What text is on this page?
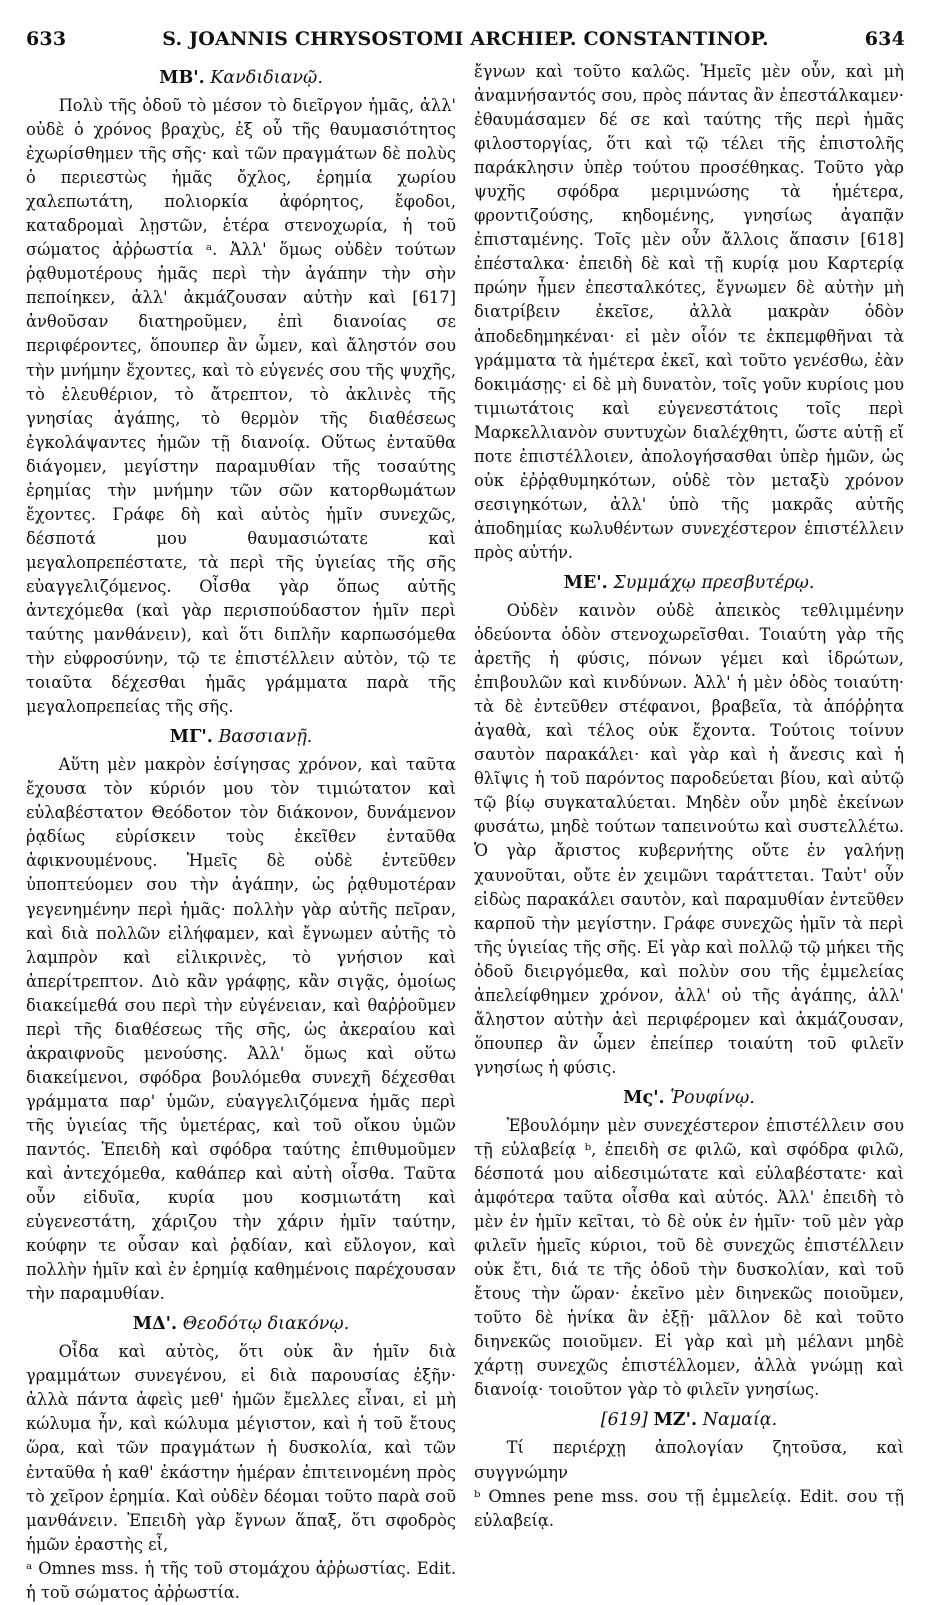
633	S. JOANNIS CHRYSOSTOMI ARCHIEP. CONSTANTINOP.	634
ΜΒ'. Κανδιδιανῷ.

Πολὺ τῆς ὁδοῦ τὸ μέσον τὸ διεῖργον ἡμᾶς, ἀλλ' οὐδὲ ὁ χρόνος βραχὺς, ἐξ οὗ τῆς θαυμασιότητος ἐχωρίσθημεν τῆς σῆς· καὶ τῶν πραγμάτων δὲ πολὺς ὁ περιεστὼς ἡμᾶς ὄχλος, ἐρημία χωρίου χαλεπωτάτη, πολιορκία ἀφόρητος, ἔφοδοι, καταδρομαὶ λῃστῶν, ἑτέρα στενοχωρία, ἡ τοῦ σώματος ἀῤῥωστία ᵃ. Ἀλλ' ὅμως οὐδὲν τούτων ῥᾳθυμοτέρους ἡμᾶς περὶ τὴν ἀγάπην τὴν σὴν πεποίηκεν, ἀλλ' ἀκμάζουσαν αὐτὴν καὶ [617] ἀνθοῦσαν διατηροῦμεν, ἐπὶ διανοίας σε περιφέροντες, ὅπουπερ ἂν ὦμεν, καὶ ἄληστόν σου τὴν μνήμην ἔχοντες, καὶ τὸ εὐγενές σου τῆς ψυχῆς, τὸ ἐλευθέριον, τὸ ἄτρεπτον, τὸ ἀκλινὲς τῆς γνησίας ἀγάπης, τὸ θερμὸν τῆς διαθέσεως ἐγκολάψαντες ἡμῶν τῇ διανοίᾳ. Οὕτως ἐνταῦθα διάγομεν, μεγίστην παραμυθίαν τῆς τοσαύτης ἐρημίας τὴν μνήμην τῶν σῶν κατορθωμάτων ἔχοντες. Γράφε δὴ καὶ αὐτὸς ἡμῖν συνεχῶς, δέσποτά μου θαυμασιώτατε καὶ μεγαλοπρεπέστατε, τὰ περὶ τῆς ὑγιείας τῆς σῆς εὐαγγελιζόμενος. Οἶσθα γὰρ ὅπως αὐτῆς ἀντεχόμεθα (καὶ γὰρ περισπούδαστον ἡμῖν περὶ ταύτης μανθάνειν), καὶ ὅτι διπλῆν καρπωσόμεθα τὴν εὐφροσύνην, τῷ τε ἐπιστέλλειν αὐτὸν, τῷ τε τοιαῦτα δέχεσθαι ἡμᾶς γράμματα παρὰ τῆς μεγαλοπρεπείας τῆς σῆς.

ΜΓ'. Βασσιανῇ.

Αὕτη μὲν μακρὸν ἐσίγησας χρόνον, καὶ ταῦτα ἔχουσα τὸν κύριόν μου τὸν τιμιώτατον καὶ εὐλαβέστατον Θεόδοτον τὸν διάκονον, δυνάμενον ῥᾳδίως εὑρίσκειν τοὺς ἐκεῖθεν ἐνταῦθα ἀφικνουμένους. Ἡμεῖς δὲ οὐδὲ ἐντεῦθεν ὑποπτεύομεν σου τὴν ἀγάπην, ὡς ῥᾳθυμοτέραν γεγενημένην περὶ ἡμᾶς· πολλὴν γὰρ αὐτῆς πεῖραν, καὶ διὰ πολλῶν εἰλήφαμεν, καὶ ἔγνωμεν αὐτῆς τὸ λαμπρὸν καὶ εἰλικρινὲς, τὸ γνήσιον καὶ ἀπερίτρεπτον. Διὸ κἂν γράφῃς, κἂν σιγᾷς, ὁμοίως διακείμεθά σου περὶ τὴν εὐγένειαν, καὶ θαῤῥοῦμεν περὶ τῆς διαθέσεως τῆς σῆς, ὡς ἀκεραίου καὶ ἀκραιφνοῦς μενούσης. Ἀλλ' ὅμως καὶ οὕτω διακείμενοι, σφόδρα βουλόμεθα συνεχῆ δέχεσθαι γράμματα παρ' ὑμῶν, εὐαγγελιζόμενα ἡμᾶς περὶ τῆς ὑγιείας τῆς ὑμετέρας, καὶ τοῦ οἴκου ὑμῶν παντός. Ἐπειδὴ καὶ σφόδρα ταύτης ἐπιθυμοῦμεν καὶ ἀντεχόμεθα, καθάπερ καὶ αὐτὴ οἶσθα. Ταῦτα οὖν εἰδυῖα, κυρία μου κοσμιωτάτη καὶ εὐγενεστάτη, χάριζου τὴν χάριν ἡμῖν ταύτην, κούφην τε οὖσαν καὶ ῥᾳδίαν, καὶ εὔλογον, καὶ πολλὴν ἡμῖν καὶ ἐν ἐρημίᾳ καθημένοις παρέχουσαν τὴν παραμυθίαν.

ΜΔ'. Θεοδότῳ διακόνῳ.

Οἶδα καὶ αὐτὸς, ὅτι οὐκ ἂν ἡμῖν διὰ γραμμάτων συνεγένου, εἰ διὰ παρουσίας ἐξῆν· ἀλλὰ πάντα ἀφεὶς μεθ' ἡμῶν ἔμελλες εἶναι, εἰ μὴ κώλυμα ἦν, καὶ κώλυμα μέγιστον, καὶ ἡ τοῦ ἔτους ὥρα, καὶ τῶν πραγμάτων ἡ δυσκολία, καὶ τῶν ἐνταῦθα ἡ καθ' ἑκάστην ἡμέραν ἐπιτεινομένη πρὸς τὸ χεῖρον ἐρημία. Καὶ οὐδὲν δέομαι τοῦτο παρὰ σοῦ μανθάνειν. Ἐπειδὴ γὰρ ἔγνων ἅπαξ, ὅτι σφοδρὸς ἡμῶν ἐραστὴς εἶ,

ᵃ Omnes mss. ἡ τῆς τοῦ στομάχου ἀῤῥωστίας. Edit. ἡ τοῦ σώματος ἀῤῥωστία.

ἔγνων καὶ τοῦτο καλῶς. Ἡμεῖς μὲν οὖν, καὶ μὴ ἀναμνήσαντός σου, πρὸς πάντας ἂν ἐπεστάλκαμεν· ἐθαυμάσαμεν δέ σε καὶ ταύτης τῆς περὶ ἡμᾶς φιλοστοργίας, ὅτι καὶ τῷ τέλει τῆς ἐπιστολῆς παράκλησιν ὑπὲρ τούτου προσέθηκας. Τοῦτο γὰρ ψυχῆς σφόδρα μεριμνώσης τὰ ἡμέτερα, φροντιζούσης, κηδομένης, γνησίως ἀγαπᾷν ἐπισταμένης. Τοῖς μὲν οὖν ἄλλοις ἅπασιν [618] ἐπέσταλκα· ἐπειδὴ δὲ καὶ τῇ κυρίᾳ μου Καρτερίᾳ πρώην ἦμεν ἐπεσταλκότες, ἔγνωμεν δὲ αὐτὴν μὴ διατρίβειν ἐκεῖσε, ἀλλὰ μακρὰν ὁδὸν ἀποδεδημηκέναι· εἰ μὲν οἷόν τε ἐκπεμφθῆναι τὰ γράμματα τὰ ἡμέτερα ἐκεῖ, καὶ τοῦτο γενέσθω, ἐὰν δοκιμάσῃς· εἰ δὲ μὴ δυνατὸν, τοῖς γοῦν κυρίοις μου τιμιωτάτοις καὶ εὐγενεστάτοις τοῖς περὶ Μαρκελλιανὸν συντυχὼν διαλέχθητι, ὥστε αὐτῇ εἴ ποτε ἐπιστέλλοιεν, ἀπολογήσασθαι ὑπὲρ ἡμῶν, ὡς οὐκ ἐῤῥᾳθυμηκότων, οὐδὲ τὸν μεταξὺ χρόνον σεσιγηκότων, ἀλλ' ὑπὸ τῆς μακρᾶς αὐτῆς ἀποδημίας κωλυθέντων συνεχέστερον ἐπιστέλλειν πρὸς αὐτήν.

ΜΕ'. Συμμάχῳ πρεσβυτέρῳ.

Οὐδὲν καινὸν οὐδὲ ἀπεικὸς τεθλιμμένην ὁδεύοντα ὁδὸν στενοχωρεῖσθαι. Τοιαύτη γὰρ τῆς ἀρετῆς ἡ φύσις, πόνων γέμει καὶ ἱδρώτων, ἐπιβουλῶν καὶ κινδύνων. Ἀλλ' ἡ μὲν ὁδὸς τοιαύτη· τὰ δὲ ἐντεῦθεν στέφανοι, βραβεῖα, τὰ ἀπόῤῥητα ἀγαθὰ, καὶ τέλος οὐκ ἔχοντα. Τούτοις τοίνυν σαυτὸν παρακάλει· καὶ γὰρ καὶ ἡ ἄνεσις καὶ ἡ θλῖψις ἡ τοῦ παρόντος παροδεύεται βίου, καὶ αὐτῷ τῷ βίῳ συγκαταλύεται. Μηδὲν οὖν μηδὲ ἐκείνων φυσάτω, μηδὲ τούτων ταπεινούτω καὶ συστελλέτω. Ὁ γὰρ ἄριστος κυβερνήτης οὔτε ἐν γαλήνῃ χαυνοῦται, οὔτε ἐν χειμῶνι ταράττεται. Ταὐτ' οὖν εἰδὼς παρακάλει σαυτὸν, καὶ παραμυθίαν ἐντεῦθεν καρποῦ τὴν μεγίστην. Γράφε συνεχῶς ἡμῖν τὰ περὶ τῆς ὑγιείας τῆς σῆς. Εἰ γὰρ καὶ πολλῷ τῷ μήκει τῆς ὁδοῦ διειργόμεθα, καὶ πολὺν σου τῆς ἐμμελείας ἀπελείφθημεν χρόνον, ἀλλ' οὐ τῆς ἀγάπης, ἀλλ' ἄληστον αὐτὴν ἀεὶ περιφέρομεν καὶ ἀκμάζουσαν, ὅπουπερ ἂν ὦμεν ἐπείπερ τοιαύτη τοῦ φιλεῖν γνησίως ἡ φύσις.

Μς'. Ῥουφίνῳ.

Ἐβουλόμην μὲν συνεχέστερον ἐπιστέλλειν σου τῇ εὐλαβείᾳ ᵇ, ἐπειδὴ σε φιλῶ, καὶ σφόδρα φιλῶ, δέσποτά μου αἰδεσιμώτατε καὶ εὐλαβέστατε· καὶ ἀμφότερα ταῦτα οἶσθα καὶ αὐτός. Ἀλλ' ἐπειδὴ τὸ μὲν ἐν ἡμῖν κεῖται, τὸ δὲ οὐκ ἐν ἡμῖν· τοῦ μὲν γὰρ φιλεῖν ἡμεῖς κύριοι, τοῦ δὲ συνεχῶς ἐπιστέλλειν οὐκ ἔτι, διά τε τῆς ὁδοῦ τὴν δυσκολίαν, καὶ τοῦ ἔτους τὴν ὥραν· ἐκεῖνο μὲν διηνεκῶς ποιοῦμεν, τοῦτο δὲ ἡνίκα ἂν ἐξῇ· μᾶλλον δὲ καὶ τοῦτο διηνεκῶς ποιοῦμεν. Εἰ γὰρ καὶ μὴ μέλανι μηδὲ χάρτῃ συνεχῶς ἐπιστέλλομεν, ἀλλὰ γνώμῃ καὶ διανοίᾳ· τοιοῦτον γὰρ τὸ φιλεῖν γνησίως.

[619] ΜΖ'. Ναμαίᾳ.

Τί περιέρχῃ ἀπολογίαν ζητοῦσα, καὶ συγγνώμην

ᵇ Omnes pene mss. σου τῇ ἐμμελείᾳ. Edit. σου τῇ εὐλαβείᾳ.
